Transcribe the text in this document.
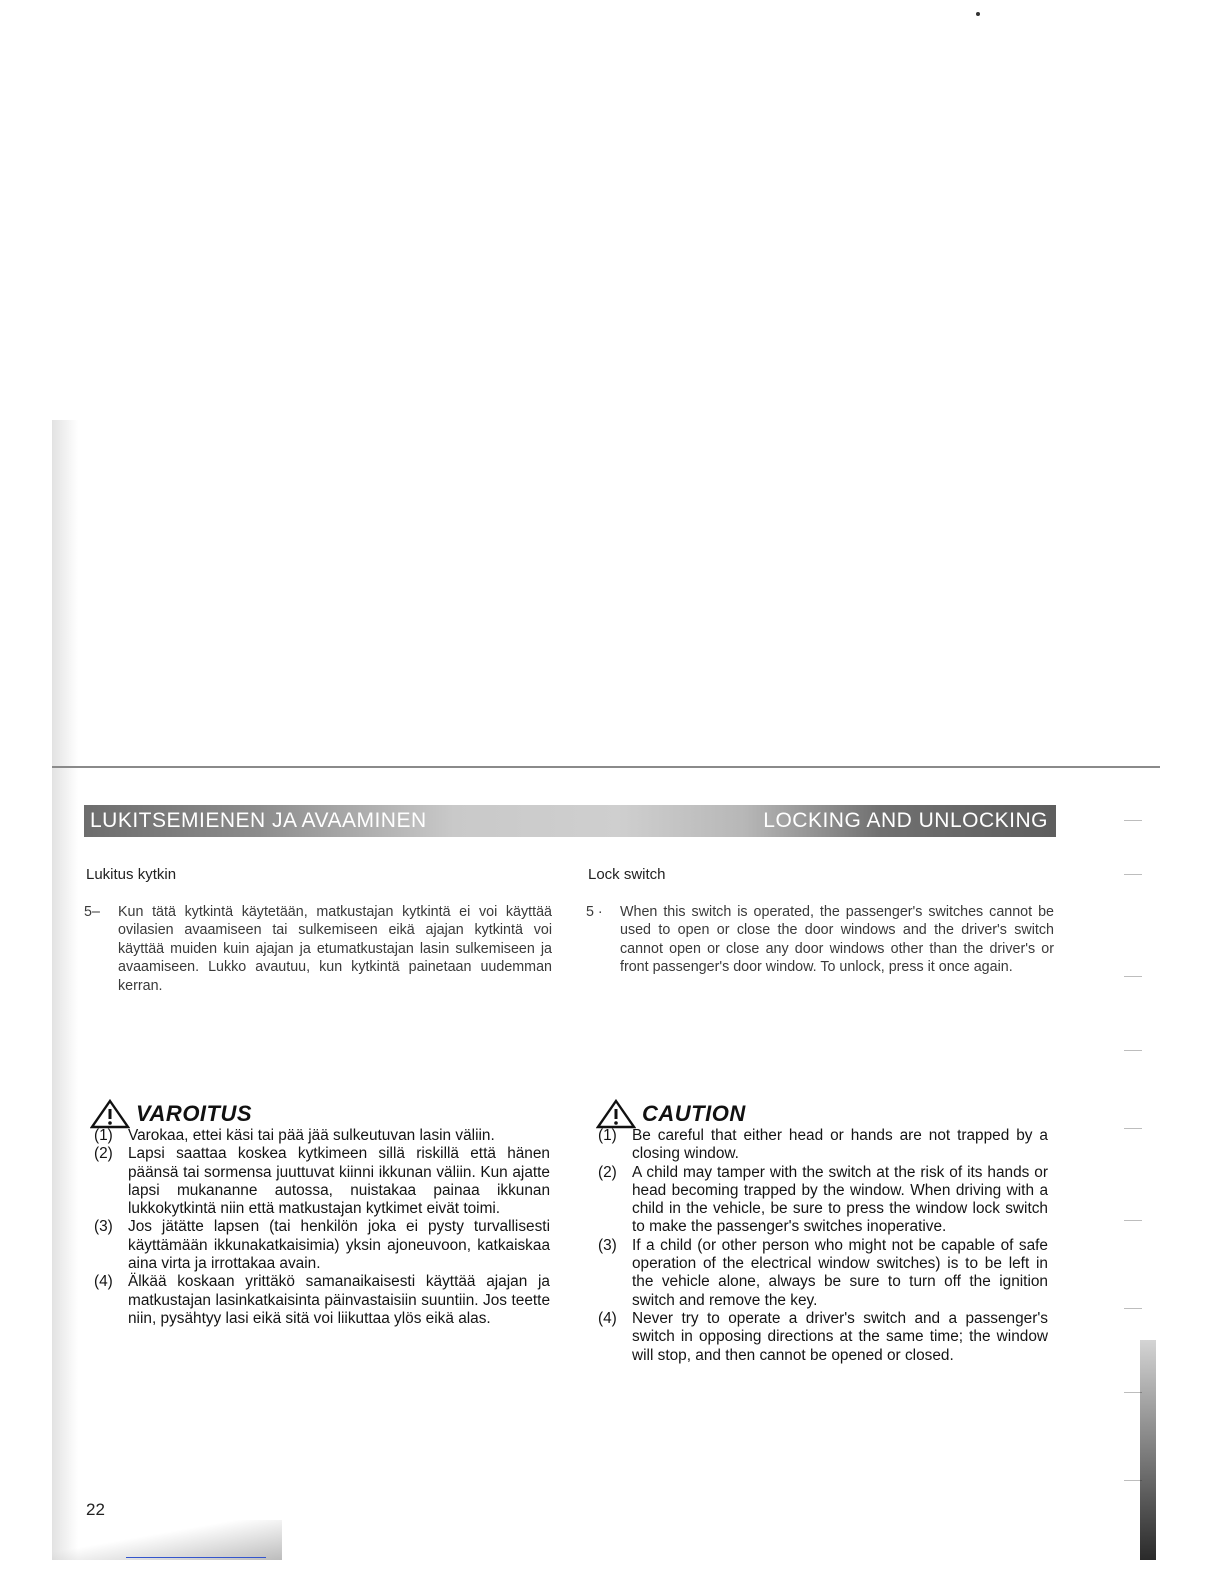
LUKITSEMIENEN JA AVAAMINEN	LOCKING AND UNLOCKING
Lukitus kytkin	Lock switch
5–	Kun tätä kytkintä käytetään, matkustajan kytkintä ei voi käyttää ovilasien avaamiseen tai sulkemiseen eikä ajajan kytkintä voi käyttää muiden kuin ajajan ja etumatkustajan lasin sulkemiseen ja avaamiseen. Lukko avautuu, kun kytkintä painetaan uudemman kerran.
5 ·	When this switch is operated, the passenger's switches cannot be used to open or close the door windows and the driver's switch cannot open or close any door windows other than the driver's or front passenger's door window. To unlock, press it once again.
VAROITUS	CAUTION
(1) Varokaa, ettei käsi tai pää jää sulkeutuvan lasin väliin.
(2) Lapsi saattaa koskea kytkimeen sillä riskillä että hänen päänsä tai sormensa juuttuvat kiinni ikkunan väliin. Kun ajatte lapsi mukananne autossa, nuistakaa painaa ikkunan lukkokytkintä niin että matkustajan kytkimet eivät toimi.
(3) Jos jätätte lapsen (tai henkilön joka ei pysty turvallisesti käyttämään ikkunakatkaisimia) yksin ajoneuvoon, katkaiskaa aina virta ja irrottakaa avain.
(4) Älkää koskaan yrittäkö samanaikaisesti käyttää ajajan ja matkustajan lasinkatkaisinta päinvastaisiin suuntiin. Jos teette niin, pysähtyy lasi eikä sitä voi liikuttaa ylös eikä alas.
(1) Be careful that either head or hands are not trapped by a closing window.
(2) A child may tamper with the switch at the risk of its hands or head becoming trapped by the window. When driving with a child in the vehicle, be sure to press the window lock switch to make the passenger's switches inoperative.
(3) If a child (or other person who might not be capable of safe operation of the electrical window switches) is to be left in the vehicle alone, always be sure to turn off the ignition switch and remove the key.
(4) Never try to operate a driver's switch and a passenger's switch in opposing directions at the same time; the window will stop, and then cannot be opened or closed.
22
